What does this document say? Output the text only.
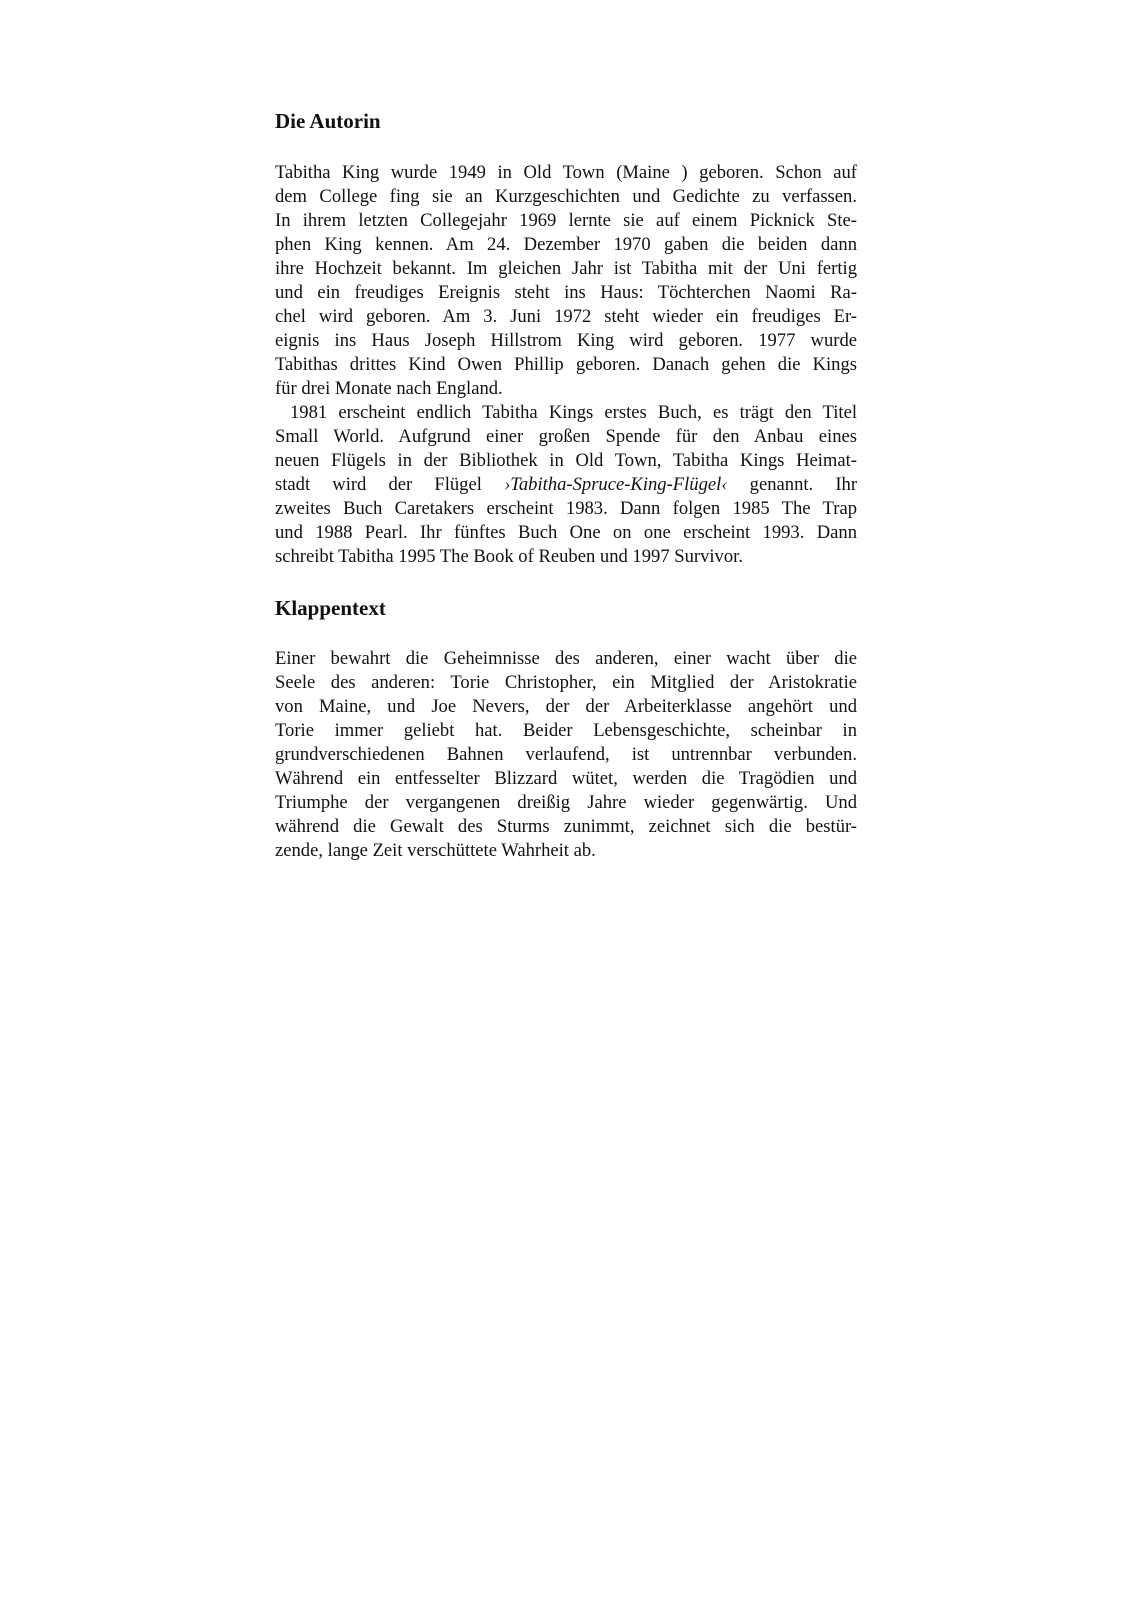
Die Autorin
Tabitha King wurde 1949 in Old Town (Maine ) geboren. Schon auf
dem College fing sie an Kurzgeschichten und Gedichte zu verfassen.
In ihrem letzten Collegejahr 1969 lernte sie auf einem Picknick Ste-
phen King kennen. Am 24. Dezember 1970 gaben die beiden dann
ihre Hochzeit bekannt. Im gleichen Jahr ist Tabitha mit der Uni fertig
und ein freudiges Ereignis steht ins Haus: Töchterchen Naomi Ra-
chel wird geboren. Am 3. Juni 1972 steht wieder ein freudiges Er-
eignis ins Haus Joseph Hillstrom King wird geboren. 1977 wurde
Tabithas drittes Kind Owen Phillip geboren. Danach gehen die Kings
für drei Monate nach England.
1981 erscheint endlich Tabitha Kings erstes Buch, es trägt den Titel
Small World. Aufgrund einer großen Spende für den Anbau eines
neuen Flügels in der Bibliothek in Old Town, Tabitha Kings Heimat-
stadt wird der Flügel ›Tabitha-Spruce-King-Flügel‹ genannt. Ihr
zweites Buch Caretakers erscheint 1983. Dann folgen 1985 The Trap
und 1988 Pearl. Ihr fünftes Buch One on one erscheint 1993. Dann
schreibt Tabitha 1995 The Book of Reuben und 1997 Survivor.
Klappentext
Einer bewahrt die Geheimnisse des anderen, einer wacht über die
Seele des anderen: Torie Christopher, ein Mitglied der Aristokratie
von Maine, und Joe Nevers, der der Arbeiterklasse angehört und
Torie immer geliebt hat. Beider Lebensgeschichte, scheinbar in
grundverschiedenen Bahnen verlaufend, ist untrennbar verbunden.
Während ein entfesselter Blizzard wütet, werden die Tragödien und
Triumphe der vergangenen dreißig Jahre wieder gegenwärtig. Und
während die Gewalt des Sturms zunimmt, zeichnet sich die bestür-
zende, lange Zeit verschüttete Wahrheit ab.
